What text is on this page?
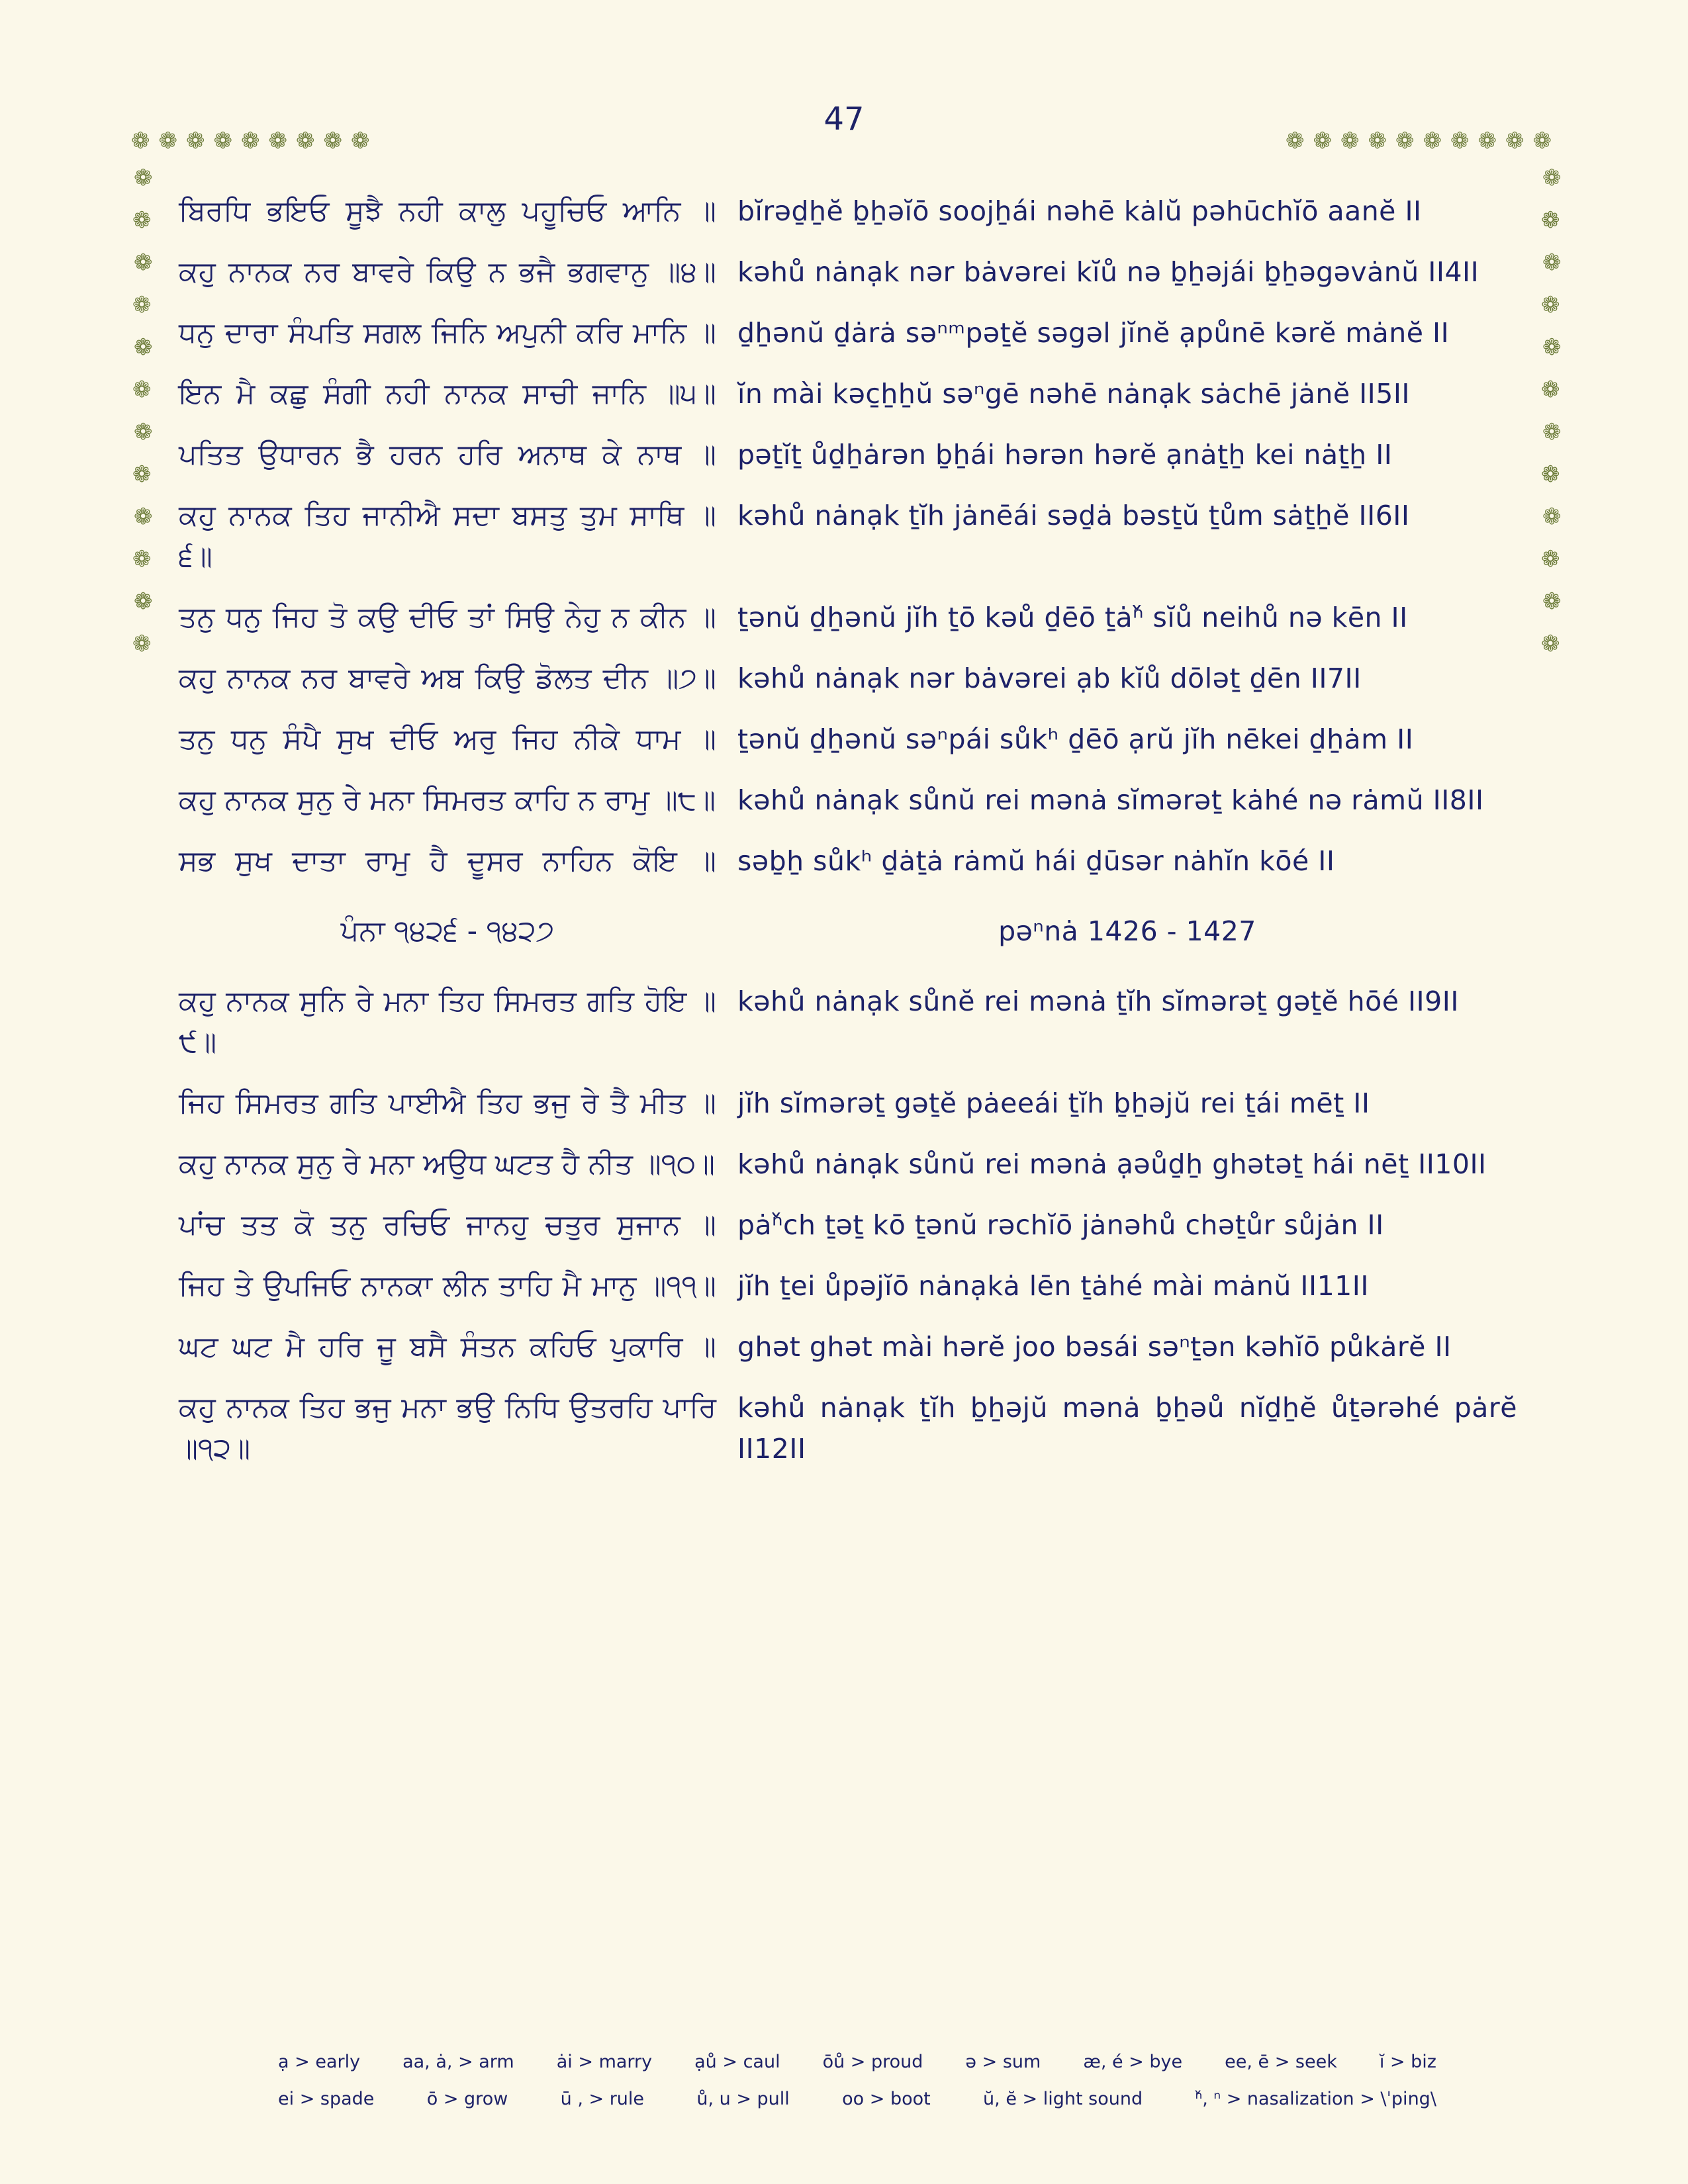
47
❁ ❁ ❁ ❁ ❁ ❁ ❁ ❁ ❁	❁ ❁ ❁ ❁ ❁ ❁ ❁ ❁ ❁ ❁
❁
❁
❁
❁
❁
❁
❁
❁
❁
❁
❁
❁
❁
❁
❁
❁
❁
❁
❁
❁
❁
❁
❁
❁
ਬਿਰਧਿ ਭਇਓ ਸੂਝੈ ਨਹੀ ਕਾਲੁ ਪਹੂਚਿਓ ਆਨਿ ॥ bĭrəḏẖĕ ḇẖəĭō soojẖái nəhē kȧlŭ pəhūchĭō aanĕ II
ਕਹੁ ਨਾਨਕ ਨਰ ਬਾਵਰੇ ਕਿਉ ਨ ਭਜੈ ਭਗਵਾਨੁ ॥੪॥ kəhů nȧnạk nər bȧvərei kĭů nə ḇẖəjái ḇẖəgəvȧnŭ II4II
ਧਨੁ ਦਾਰਾ ਸੰਪਤਿ ਸਗਲ ਜਿਨਿ ਅਪੁਨੀ ਕਰਿ ਮਾਨਿ ॥ ḏẖənŭ ḏȧrȧ səⁿᵐpəṯĕ səgəl jĭnĕ ạpůnē kərĕ mȧnĕ II
ਇਨ ਮੈ ਕਛੁ ਸੰਗੀ ਨਹੀ ਨਾਨਕ ਸਾਚੀ ਜਾਨਿ ॥੫॥ ĭn mài kəc̱ẖẖŭ səⁿgē nəhē nȧnạk sȧchē jȧnĕ II5II
ਪਤਿਤ ਉਧਾਰਨ ਭੈ ਹਰਨ ਹਰਿ ਅਨਾਥ ਕੇ ਨਾਥ ॥ pəṯĭṯ ůḏẖȧrən ḇẖái hərən hərĕ ạnȧṯẖ kei nȧṯẖ II
ਕਹੁ ਨਾਨਕ ਤਿਹ ਜਾਨੀਐ ਸਦਾ ਬਸਤੁ ਤੁਮ ਸਾਥਿ ॥੬॥
kəhů nȧnạk ṯĭh jȧnēái səḏȧ bəsṯŭ ṯům sȧṯẖĕ II6II
ਤਨੁ ਧਨੁ ਜਿਹ ਤੋ ਕਉ ਦੀਓ ਤਾਂ ਸਿਉ ਨੇਹੁ ਨ ਕੀਨ ॥ ṯənŭ ḏẖənŭ jĭh ṯō kəů ḏēō ṯȧⁿ̌ sĭů neihů nə kēn II
ਕਹੁ ਨਾਨਕ ਨਰ ਬਾਵਰੇ ਅਬ ਕਿਉ ਡੋਲਤ ਦੀਨ ॥੭॥ kəhů nȧnạk nər bȧvərei ạb kĭů dōləṯ ḏēn II7II
ਤਨੁ ਧਨੁ ਸੰਪੈ ਸੁਖ ਦੀਓ ਅਰੁ ਜਿਹ ਨੀਕੇ ਧਾਮ ॥ ṯənŭ ḏẖənŭ səⁿpái sůkʰ ḏēō ạrŭ jĭh nēkei ḏẖȧm II
ਕਹੁ ਨਾਨਕ ਸੁਨੁ ਰੇ ਮਨਾ ਸਿਮਰਤ ਕਾਹਿ ਨ ਰਾਮੁ ॥੮॥ kəhů nȧnạk sůnŭ rei mənȧ sĭmərəṯ kȧhé nə rȧmŭ II8II
ਸਭ ਸੁਖ ਦਾਤਾ ਰਾਮੁ ਹੈ ਦੂਸਰ ਨਾਹਿਨ ਕੋਇ ॥ səḇẖ sůkʰ ḏȧṯȧ rȧmŭ hái ḏūsər nȧhĭn kōé II
ਪੰਨਾ ੧੪੨੬ - ੧੪੨੭	pəⁿnȧ 1426 - 1427
ਕਹੁ ਨਾਨਕ ਸੁਨਿ ਰੇ ਮਨਾ ਤਿਹ ਸਿਮਰਤ ਗਤਿ ਹੋਇ ॥੯॥
kəhů nȧnạk sůnĕ rei mənȧ ṯĭh sĭmərəṯ gəṯĕ hōé II9II
ਜਿਹ ਸਿਮਰਤ ਗਤਿ ਪਾਈਐ ਤਿਹ ਭਜੁ ਰੇ ਤੈ ਮੀਤ ॥ jĭh sĭmərəṯ gəṯĕ pȧeeái ṯĭh ḇẖəjŭ rei ṯái mēṯ II
ਕਹੁ ਨਾਨਕ ਸੁਨੁ ਰੇ ਮਨਾ ਅਉਧ ਘਟਤ ਹੈ ਨੀਤ ॥੧੦॥ kəhů nȧnạk sůnŭ rei mənȧ ạəůḏẖ ghətəṯ hái nēṯ II10II
ਪਾਂਚ ਤਤ ਕੋ ਤਨੁ ਰਚਿਓ ਜਾਨਹੁ ਚਤੁਰ ਸੁਜਾਨ ॥ pȧⁿ̌ch ṯəṯ kō ṯənŭ rəchĭō jȧnəhů chəṯůr sůjȧn II
ਜਿਹ ਤੇ ਉਪਜਿਓ ਨਾਨਕਾ ਲੀਨ ਤਾਹਿ ਮੈ ਮਾਨੁ ॥੧੧॥ jĭh ṯei ůpəjĭō nȧnạkȧ lēn ṯȧhé mài mȧnŭ II11II
ਘਟ ਘਟ ਮੈ ਹਰਿ ਜੂ ਬਸੈ ਸੰਤਨ ਕਹਿਓ ਪੁਕਾਰਿ ॥ ghət ghət mài hərĕ joo bəsái səⁿṯən kəhĭō půkȧrĕ II
ਕਹੁ ਨਾਨਕ ਤਿਹ ਭਜੁ ਮਨਾ ਭਉ ਨਿਧਿ ਉਤਰਹਿ ਪਾਰਿ ॥੧੨॥
kəhů nȧnạk ṯĭh ḇẖəjŭ mənȧ ḇẖəů nĭḏẖĕ ůṯərəhé pȧrĕ II12II
ạ > early aa, ȧ, > arm ȧi > marry ạů > caul ōů > proud ə > sum æ, é > bye ee, ē > seek ĭ > biz
ei > spade	ō > grow	ū , > rule	ů, u > pull	oo > boot	ŭ, ĕ > light sound	ⁿ̌, ⁿ > nasalization > \ˈping\
